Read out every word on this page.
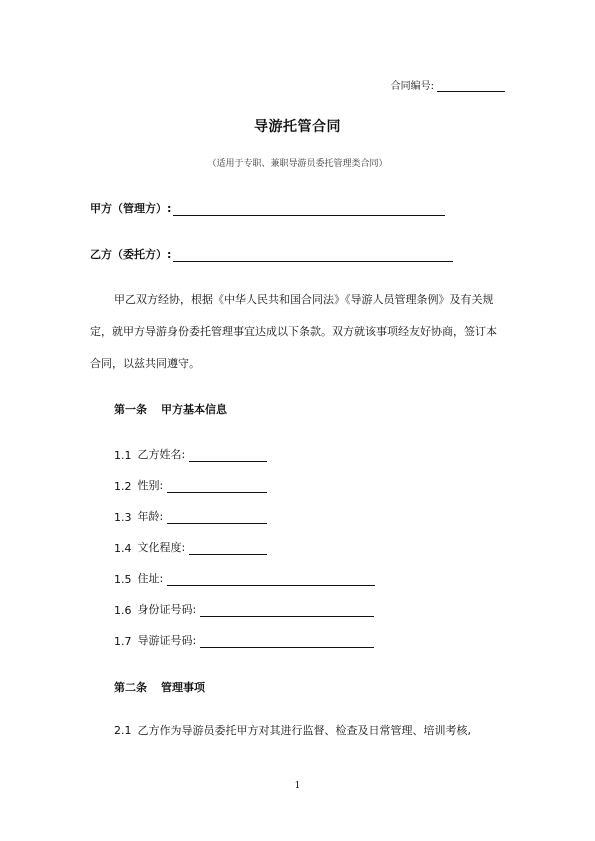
合同编号:
导游托管合同
（适用于专职、兼职导游员委托管理类合同）
甲方（管理方）:
乙方（委托方）:
甲乙双方经协，根据《中华人民共和国合同法》《导游人员管理条例》及有关规定，就甲方导游身份委托管理事宜达成以下条款。双方就该事项经友好协商，签订本合同，以兹共同遵守。
第一条 甲方基本信息
1.1 乙方姓名:
1.2 性别:
1.3 年龄:
1.4 文化程度:
1.5 住址:
1.6 身份证号码:
1.7 导游证号码:
第二条 管理事项
2.1 乙方作为导游员委托甲方对其进行监督、检查及日常管理、培训考核,
1
